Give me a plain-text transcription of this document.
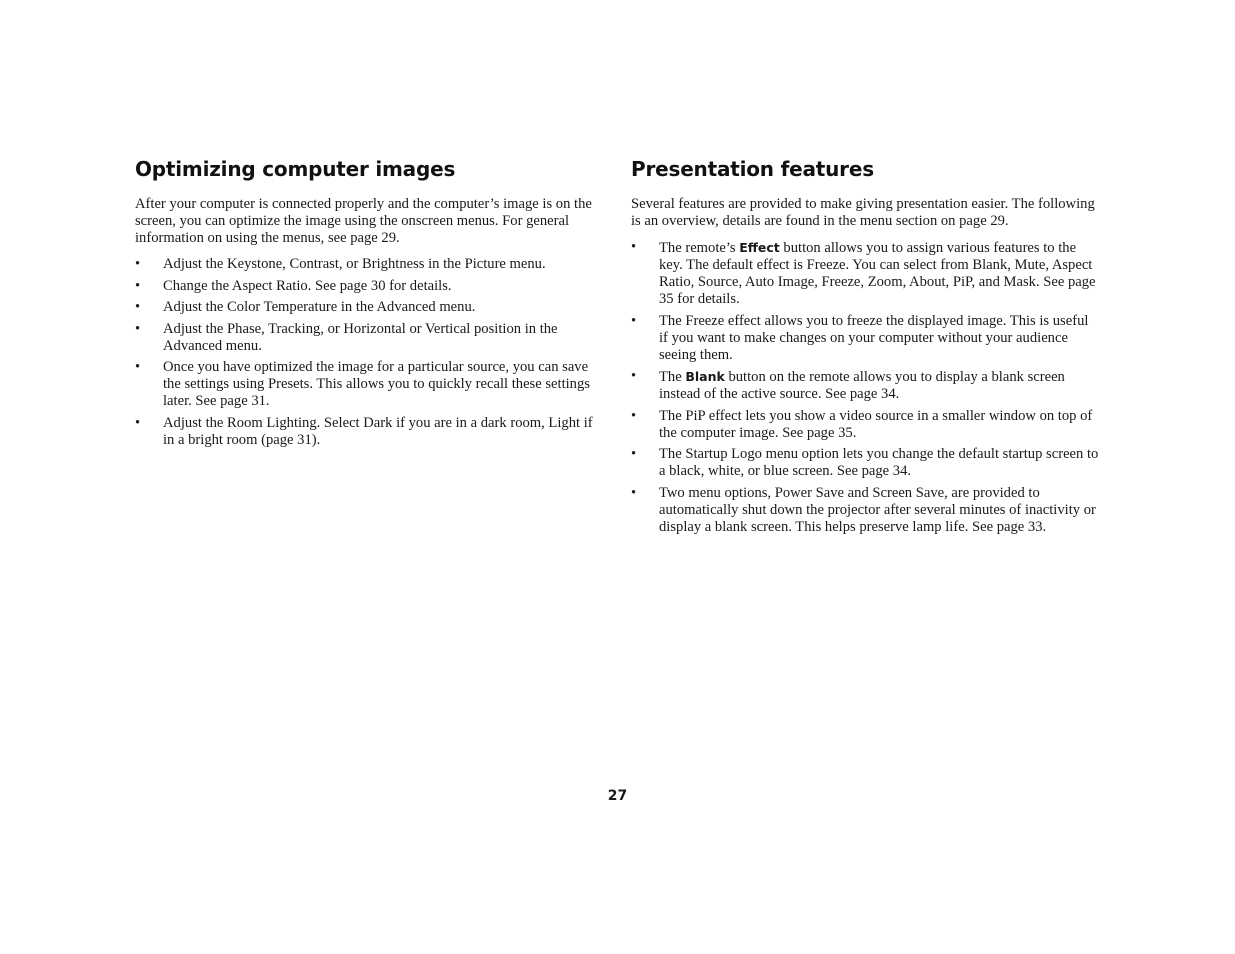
Optimizing computer images

After your computer is connected properly and the computer’s image is on the screen, you can optimize the image using the onscreen menus. For general information on using the menus, see page 29.

• Adjust the Keystone, Contrast, or Brightness in the Picture menu.
• Change the Aspect Ratio. See page 30 for details.
• Adjust the Color Temperature in the Advanced menu.
• Adjust the Phase, Tracking, or Horizontal or Vertical position in the Advanced menu.
• Once you have optimized the image for a particular source, you can save the settings using Presets. This allows you to quickly recall these settings later. See page 31.
• Adjust the Room Lighting. Select Dark if you are in a dark room, Light if in a bright room (page 31).
Presentation features

Several features are provided to make giving presentation easier. The following is an overview, details are found in the menu section on page 29.

• The remote’s Effect button allows you to assign various features to the key. The default effect is Freeze. You can select from Blank, Mute, Aspect Ratio, Source, Auto Image, Freeze, Zoom, About, PiP, and Mask. See page 35 for details.
• The Freeze effect allows you to freeze the displayed image. This is useful if you want to make changes on your computer without your audience seeing them.
• The Blank button on the remote allows you to display a blank screen instead of the active source. See page 34.
• The PiP effect lets you show a video source in a smaller window on top of the computer image. See page 35.
• The Startup Logo menu option lets you change the default startup screen to a black, white, or blue screen. See page 34.
• Two menu options, Power Save and Screen Save, are provided to automatically shut down the projector after several minutes of inactivity or display a blank screen. This helps preserve lamp life. See page 33.
27
